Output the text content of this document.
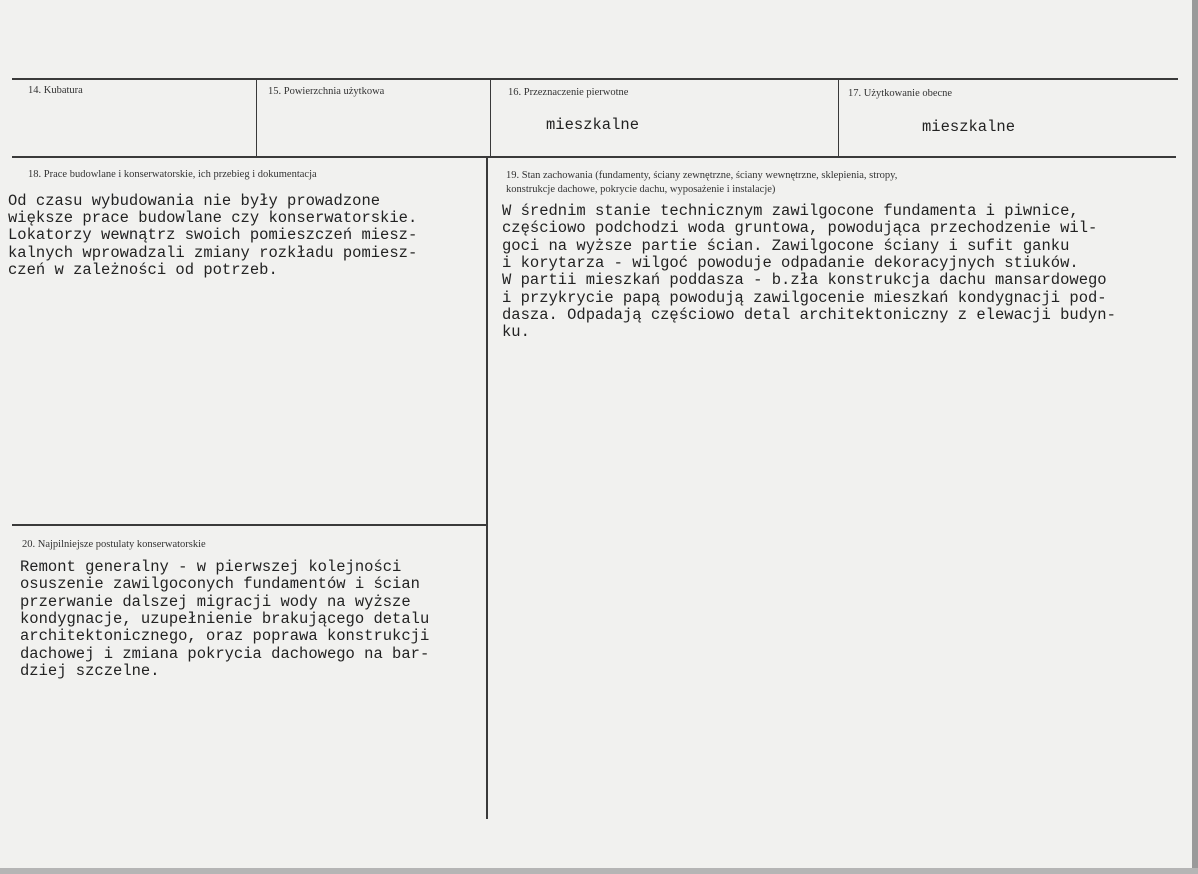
14. Kubatura	15. Powierzchnia użytkowa	16. Przeznaczenie pierwotne
mieszkalne
17. Użytkowanie obecne
mieszkalne
18. Prace budowlane i konserwatorskie, ich przebieg i dokumentacja
Od czasu wybudowania nie były prowadzone
większe prace budowlane czy konserwatorskie.
Lokatorzy wewnątrz swoich pomieszczeń miesz-
kalnych wprowadzali zmiany rozkładu pomiesz-
czeń w zależności od potrzeb.
19. Stan zachowania (fundamenty, ściany zewnętrzne, ściany wewnętrzne, sklepienia, stropy,
konstrukcje dachowe, pokrycie dachu, wyposażenie i instalacje)
W średnim stanie technicznym zawilgocone fundamenta i piwnice,
częściowo podchodzi woda gruntowa, powodująca przechodzenie wil-
goci na wyższe partie ścian. Zawilgocone ściany i sufit ganku
i korytarza - wilgoć powoduje odpadanie dekoracyjnych stiuków.
W partii mieszkań poddasza - b.zła konstrukcja dachu mansardowego
i przykrycie papą powodują zawilgocenie mieszkań kondygnacji pod-
dasza. Odpadają częściowo detal architektoniczny z elewacji budyn-
ku.
20. Najpilniejsze postulaty konserwatorskie
Remont generalny - w pierwszej kolejności
osuszenie zawilgoconych fundamentów i ścian
przerwanie dalszej migracji wody na wyższe
kondygnacje, uzupełnienie brakującego detalu
architektonicznego, oraz poprawa konstrukcji
dachowej i zmiana pokrycia dachowego na bar-
dziej szczelne.
